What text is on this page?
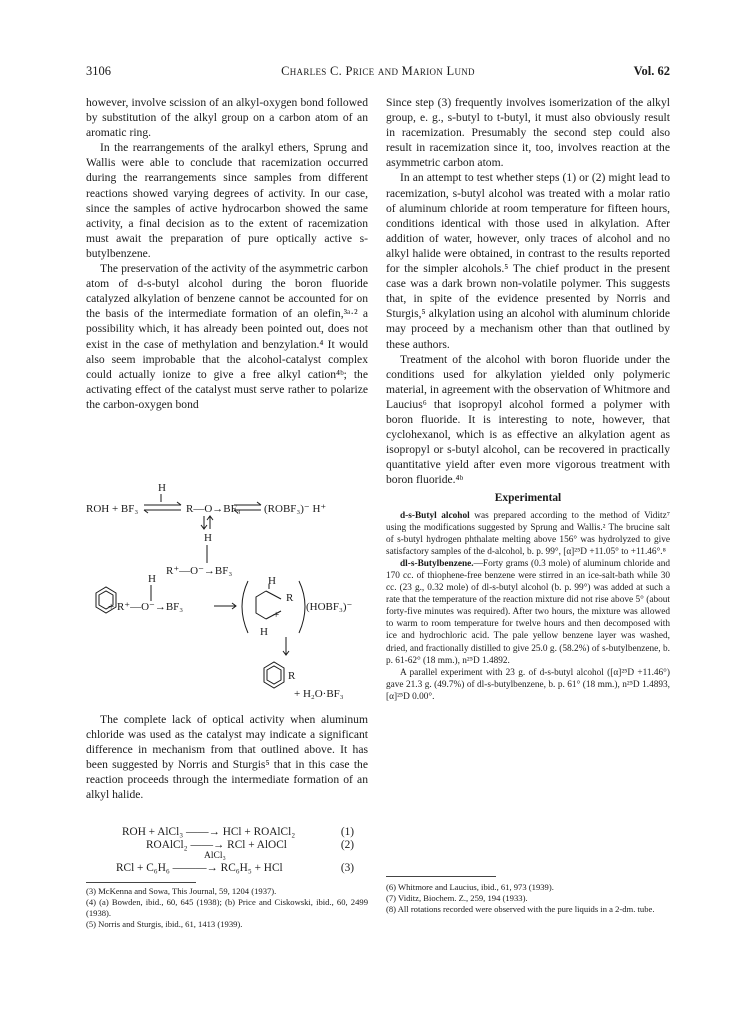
3106	Charles C. Price and Marion Lund	Vol. 62

however, involve scission of an alkyl-oxygen bond followed by substitution of the alkyl group on a carbon atom of an aromatic ring.

In the rearrangements of the aralkyl ethers, Sprung and Wallis were able to conclude that racemization occurred during the rearrangements since samples from different reactions showed varying degrees of activity. In our case, since the samples of active hydrocarbon showed the same activity, a final decision as to the extent of racemization must await the preparation of pure optically active s-butylbenzene.

The preservation of the activity of the asymmetric carbon atom of d-s-butyl alcohol during the boron fluoride catalyzed alkylation of benzene cannot be accounted for on the basis of the intermediate formation of an olefin,³ᵃ·² a possibility which, it has already been pointed out, does not exist in the case of methylation and benzylation.⁴ It would also seem improbable that the alcohol-catalyst complex could actually ionize to give a free alkyl cation⁴ᵇ; the activating effect of the catalyst must serve rather to polarize the carbon-oxygen bond

H
ROH + BF₃	R—O→BF₃ (ROBF₃)⁻ H⁺
H
R⁺—O⁻→BF₃
H
+ R⁺—O⁻→BF₃	(HOBF₃)⁻
H
R
+
H
R
+ H₂O·BF₃

The complete lack of optical activity when aluminum chloride was used as the catalyst may indicate a significant difference in mechanism from that outlined above. It has been suggested by Norris and Sturgis⁵ that in this case the reaction proceeds through the intermediate formation of an alkyl halide.

ROH + AlCl₃ ——→ HCl + ROAlCl₂	(1)
ROAlCl₂ ——→ RCl + AlOCl	(2)
AlCl₃
RCl + C₆H₆ ———→ RC₆H₅ + HCl	(3)
(3) McKenna and Sowa, This Journal, 59, 1204 (1937).
(4) (a) Bowden, ibid., 60, 645 (1938); (b) Price and Ciskowski, ibid., 60, 2499 (1938).
(5) Norris and Sturgis, ibid., 61, 1413 (1939).

Since step (3) frequently involves isomerization of the alkyl group, e. g., s-butyl to t-butyl, it must also obviously result in racemization. Presumably the second step could also result in racemization since it, too, involves reaction at the asymmetric carbon atom.

In an attempt to test whether steps (1) or (2) might lead to racemization, s-butyl alcohol was treated with a molar ratio of aluminum chloride at room temperature for fifteen hours, conditions identical with those used in alkylation. After addition of water, however, only traces of alcohol and no alkyl halide were obtained, in contrast to the results reported for the simpler alcohols.⁵ The chief product in the present case was a dark brown non-volatile polymer. This suggests that, in spite of the evidence presented by Norris and Sturgis,⁵ alkylation using an alcohol with aluminum chloride may proceed by a mechanism other than that outlined by these authors.

Treatment of the alcohol with boron fluoride under the conditions used for alkylation yielded only polymeric material, in agreement with the observation of Whitmore and Laucius⁶ that isopropyl alcohol formed a polymer with boron fluoride. It is interesting to note, however, that cyclohexanol, which is as effective an alkylation agent as isopropyl or s-butyl alcohol, can be recovered in practically quantitative yield after even more vigorous treatment with boron fluoride.⁴ᵇ

Experimental

d-s-Butyl alcohol was prepared according to the method of Viditz⁷ using the modifications suggested by Sprung and Wallis.² The brucine salt of s-butyl hydrogen phthalate melting above 156° was hydrolyzed to give satisfactory samples of the d-alcohol, b. p. 99°, [α]²⁵D +11.05° to +11.46°.⁸

dl-s-Butylbenzene.—Forty grams (0.3 mole) of aluminum chloride and 170 cc. of thiophene-free benzene were stirred in an ice-salt-bath while 30 cc. (23 g., 0.32 mole) of dl-s-butyl alcohol (b. p. 99°) was added at such a rate that the temperature of the reaction mixture did not rise above 5° (about forty-five minutes was required). After two hours, the mixture was allowed to warm to room temperature for twelve hours and then decomposed with ice and hydrochloric acid. The pale yellow benzene layer was washed, dried, and fractionally distilled to give 25.0 g. (58.2%) of s-butylbenzene, b. p. 61-62° (18 mm.), n²⁵D 1.4892.

A parallel experiment with 23 g. of d-s-butyl alcohol ([α]²⁵D +11.46°) gave 21.3 g. (49.7%) of dl-s-butylbenzene, b. p. 61° (18 mm.), n²⁵D 1.4893, [α]²⁵D 0.00°.

(6) Whitmore and Laucius, ibid., 61, 973 (1939).
(7) Viditz, Biochem. Z., 259, 194 (1933).
(8) All rotations recorded were observed with the pure liquids in a 2-dm. tube.
